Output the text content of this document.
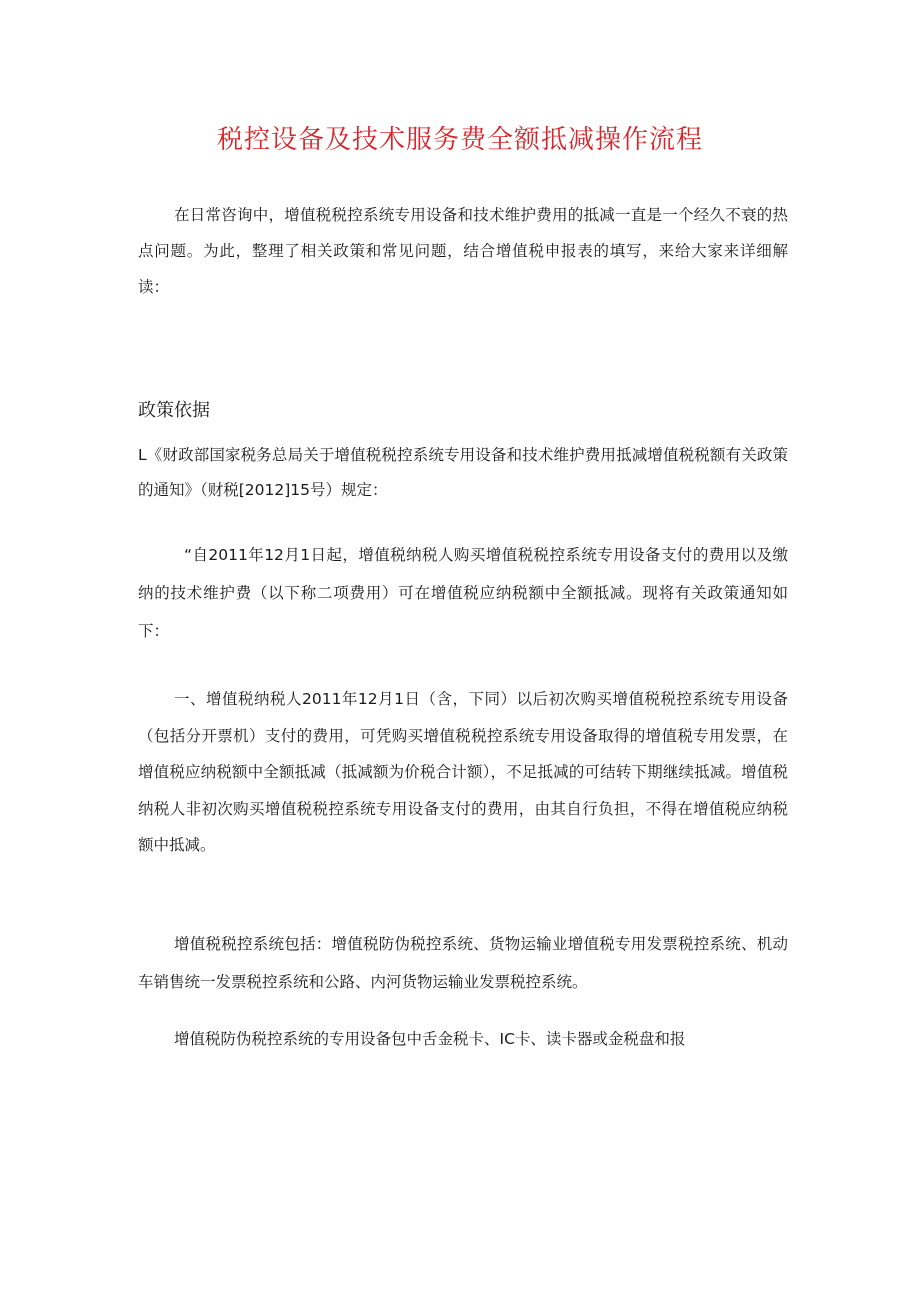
税控设备及技术服务费全额抵减操作流程

在日常咨询中，增值税税控系统专用设备和技术维护费用的抵减一直是一个经久不衰的热点问题。为此，整理了相关政策和常见问题，结合增值税申报表的填写，来给大家来详细解读：

政策依据

L《财政部国家税务总局关于增值税税控系统专用设备和技术维护费用抵减增值税税额有关政策的通知》（财税[2012]15号）规定：

“自2011年12月1日起，增值税纳税人购买增值税税控系统专用设备支付的费用以及缴纳的技术维护费（以下称二项费用）可在增值税应纳税额中全额抵减。现将有关政策通知如下：

一、增值税纳税人2011年12月1日（含，下同）以后初次购买增值税税控系统专用设备（包括分开票机）支付的费用，可凭购买增值税税控系统专用设备取得的增值税专用发票，在增值税应纳税额中全额抵减（抵减额为价税合计额），不足抵减的可结转下期继续抵减。增值税纳税人非初次购买增值税税控系统专用设备支付的费用，由其自行负担，不得在增值税应纳税额中抵减。

增值税税控系统包括：增值税防伪税控系统、货物运输业增值税专用发票税控系统、机动车销售统一发票税控系统和公路、内河货物运输业发票税控系统。

增值税防伪税控系统的专用设备包中舌金税卡、IC卡、读卡器或金税盘和报
